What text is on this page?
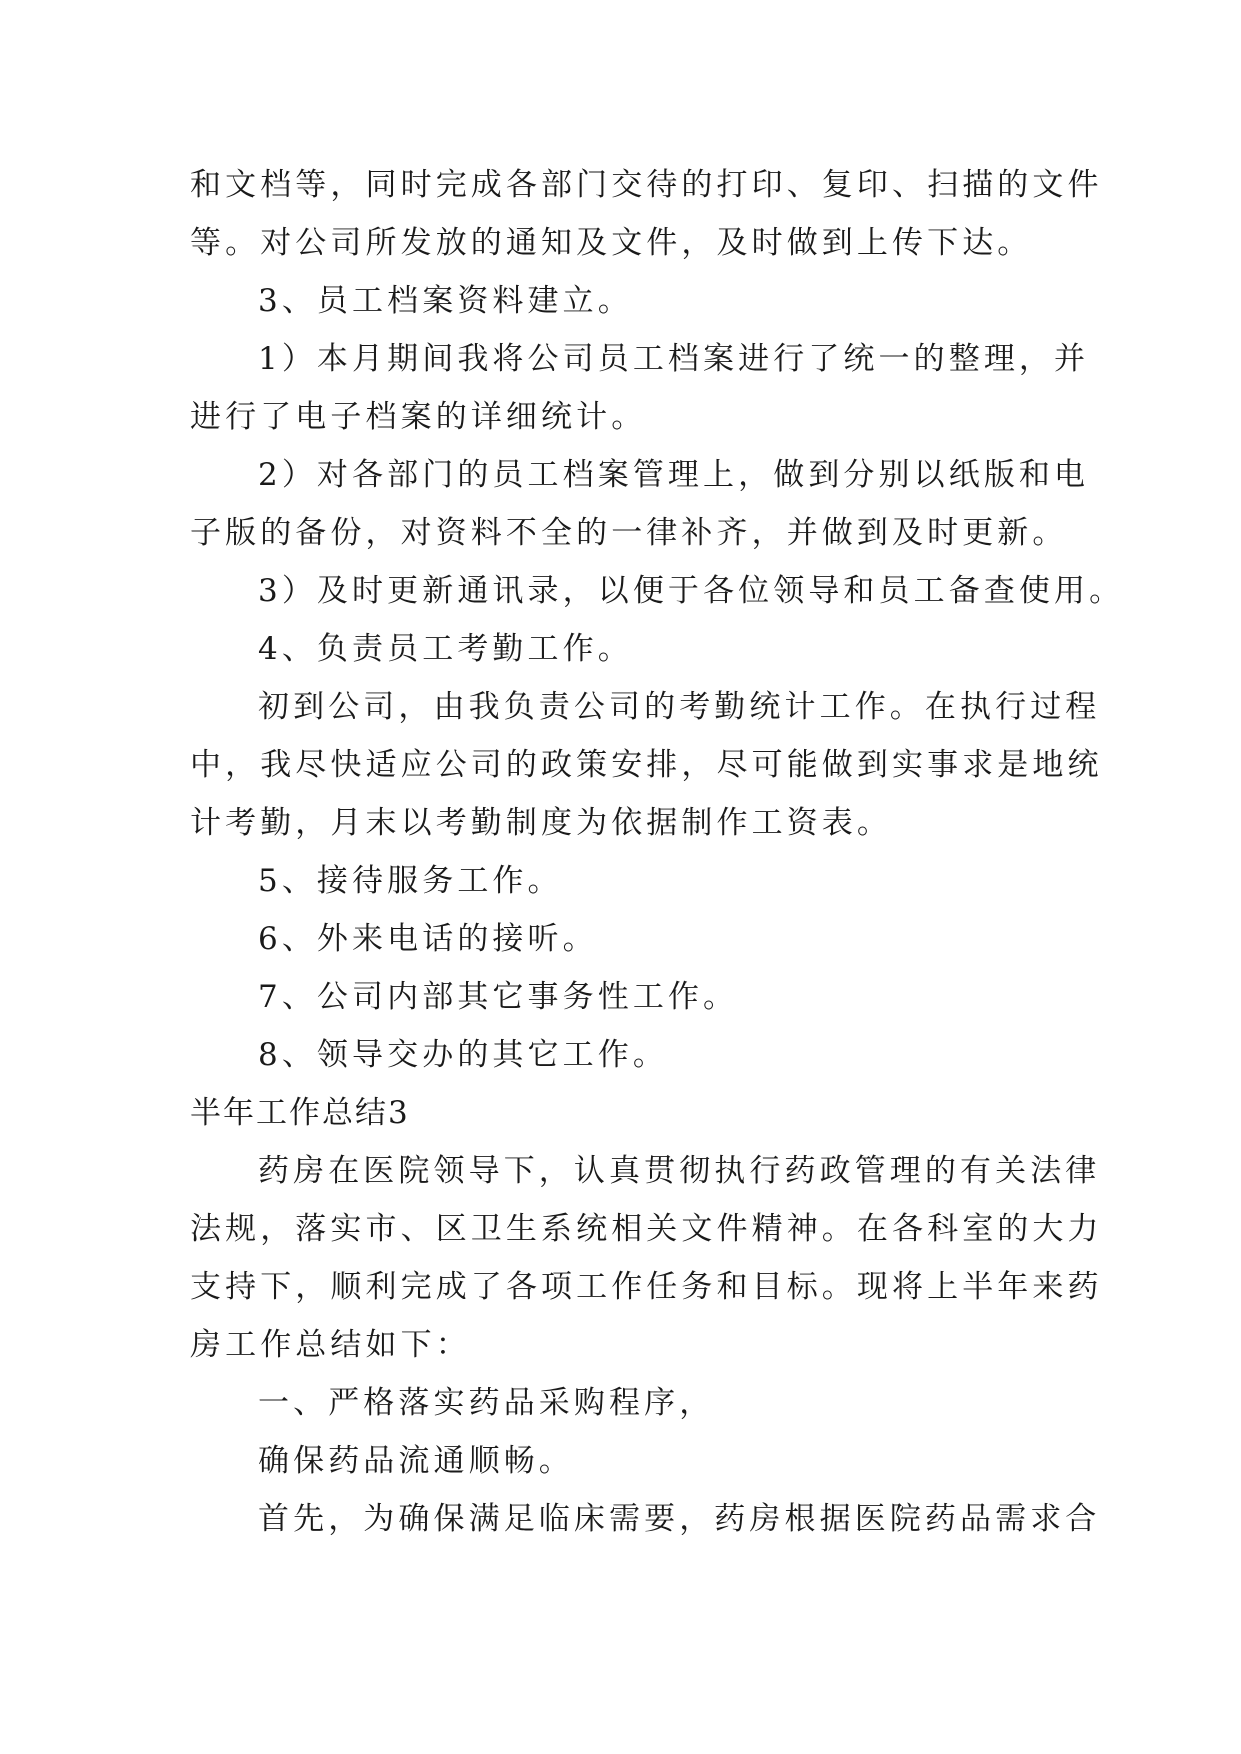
和文档等，同时完成各部门交待的打印、复印、扫描的文件
等。对公司所发放的通知及文件，及时做到上传下达。
3、员工档案资料建立。
1）本月期间我将公司员工档案进行了统一的整理，并
进行了电子档案的详细统计。
2）对各部门的员工档案管理上，做到分别以纸版和电
子版的备份，对资料不全的一律补齐，并做到及时更新。
3）及时更新通讯录，以便于各位领导和员工备查使用。
4、负责员工考勤工作。
初到公司，由我负责公司的考勤统计工作。在执行过程
中，我尽快适应公司的政策安排，尽可能做到实事求是地统
计考勤，月末以考勤制度为依据制作工资表。
5、接待服务工作。
6、外来电话的接听。
7、公司内部其它事务性工作。
8、领导交办的其它工作。
半年工作总结3
药房在医院领导下，认真贯彻执行药政管理的有关法律
法规，落实市、区卫生系统相关文件精神。在各科室的大力
支持下，顺利完成了各项工作任务和目标。现将上半年来药
房工作总结如下：
一、严格落实药品采购程序，
确保药品流通顺畅。
首先，为确保满足临床需要，药房根据医院药品需求合
